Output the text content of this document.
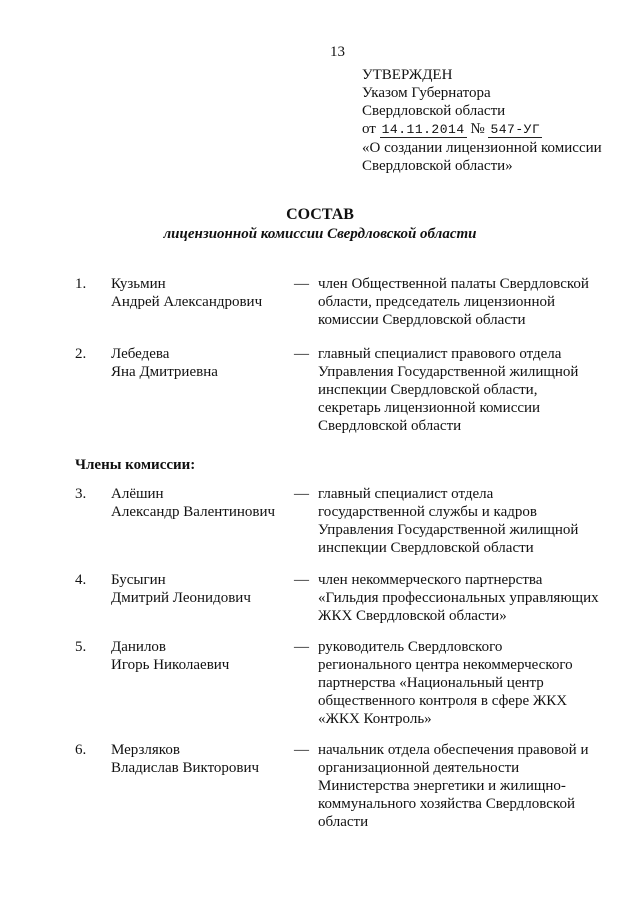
13
УТВЕРЖДЕН
Указом Губернатора
Свердловской области
от 14.11.2014 № 547-УГ
«О создании лицензионной комиссии
Свердловской области»
СОСТАВ
лицензионной комиссии Свердловской области
1. Кузьмин
Андрей Александрович
— член Общественной палаты Свердловской
области, председатель лицензионной
комиссии Свердловской области
2. Лебедева
Яна Дмитриевна
— главный специалист правового отдела
Управления Государственной жилищной
инспекции Свердловской области,
секретарь лицензионной комиссии
Свердловской области
Члены комиссии:
3. Алёшин
Александр Валентинович
— главный специалист отдела
государственной службы и кадров
Управления Государственной жилищной
инспекции Свердловской области
4. Бусыгин
Дмитрий Леонидович
— член некоммерческого партнерства
«Гильдия профессиональных управляющих
ЖКХ Свердловской области»
5. Данилов
Игорь Николаевич
— руководитель Свердловского
регионального центра некоммерческого
партнерства «Национальный центр
общественного контроля в сфере ЖКХ
«ЖКХ Контроль»
6. Мерзляков
Владислав Викторович
— начальник отдела обеспечения правовой и
организационной деятельности
Министерства энергетики и жилищно-
коммунального хозяйства Свердловской
области
